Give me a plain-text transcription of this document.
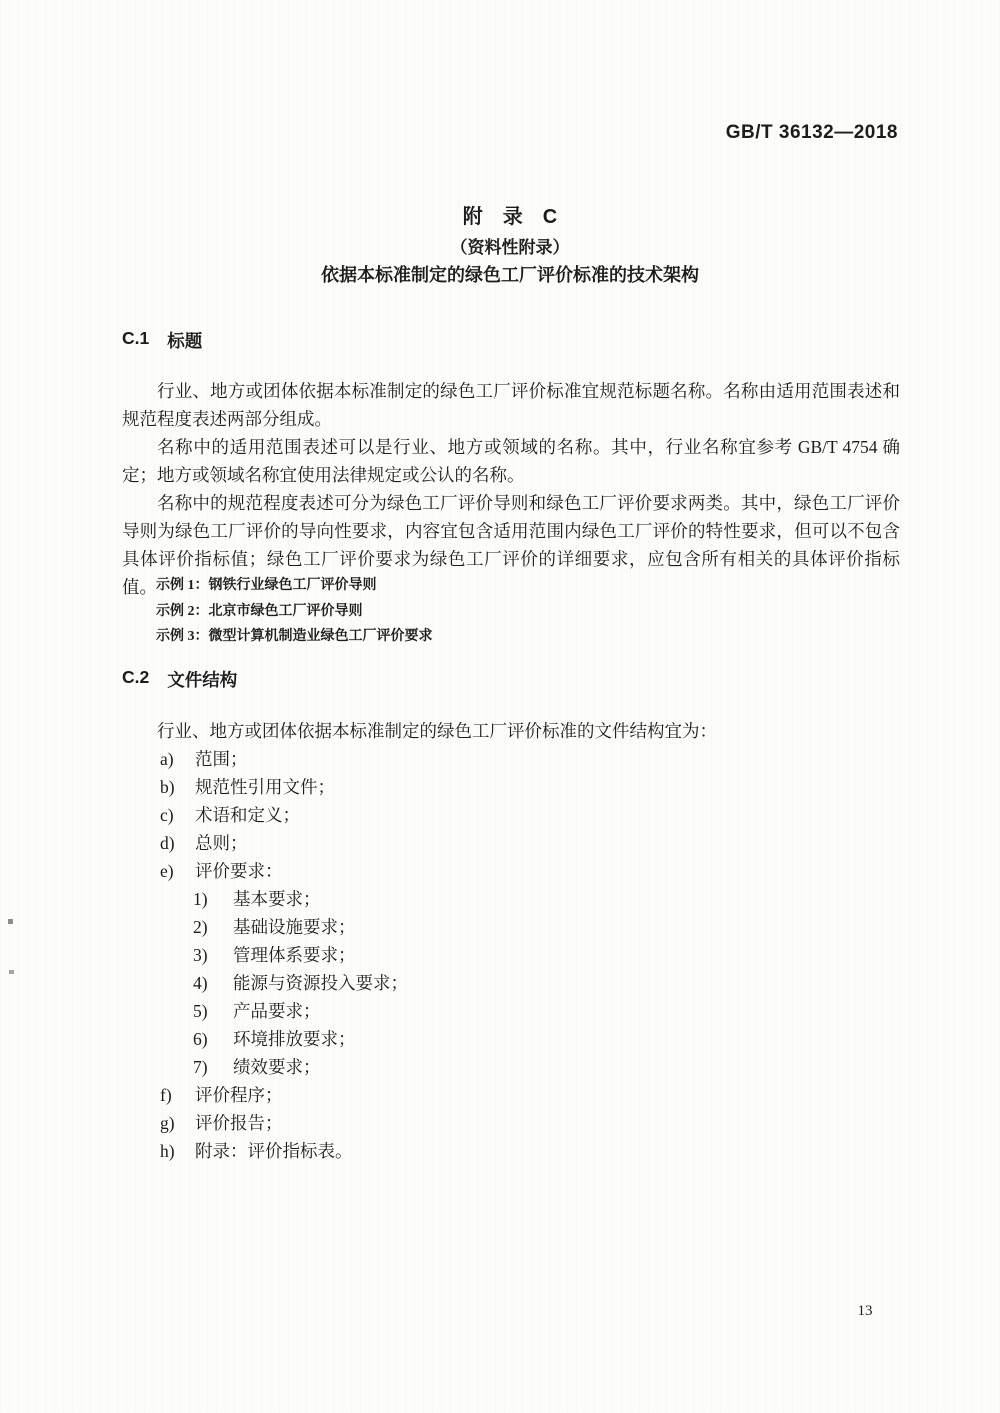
GB/T 36132—2018
附　录　C
（资料性附录）
依据本标准制定的绿色工厂评价标准的技术架构
C.1 标题

行业、地方或团体依据本标准制定的绿色工厂评价标准宜规范标题名称。名称由适用范围表述和规范程度表述两部分组成。

名称中的适用范围表述可以是行业、地方或领域的名称。其中，行业名称宜参考 GB/T 4754 确定；地方或领域名称宜使用法律规定或公认的名称。

名称中的规范程度表述可分为绿色工厂评价导则和绿色工厂评价要求两类。其中，绿色工厂评价导则为绿色工厂评价的导向性要求，内容宜包含适用范围内绿色工厂评价的特性要求，但可以不包含具体评价指标值；绿色工厂评价要求为绿色工厂评价的详细要求，应包含所有相关的具体评价指标值。 示例 1：钢铁行业绿色工厂评价导则
示例 2：北京市绿色工厂评价导则
示例 3：微型计算机制造业绿色工厂评价要求
C.2 文件结构

行业、地方或团体依据本标准制定的绿色工厂评价标准的文件结构宜为：

a)	范围；
b)	规范性引用文件；
c)	术语和定义；
d)	总则；
e)	评价要求：
1)	基本要求；
2)	基础设施要求；
3)	管理体系要求；
4)	能源与资源投入要求；
5)	产品要求；
6)	环境排放要求；
7)	绩效要求；
f)	评价程序；
g)	评价报告；
h)	附录：评价指标表。
13
